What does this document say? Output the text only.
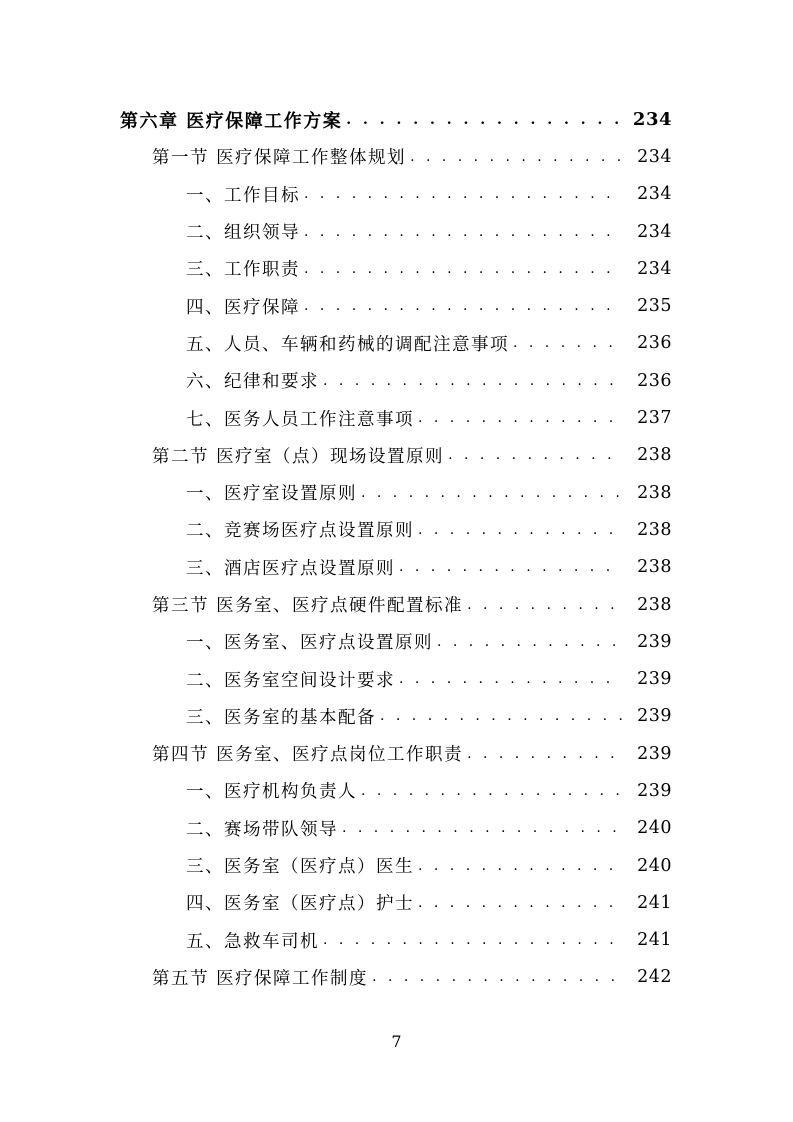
第六章 医疗保障工作方案 . . .	234
第一节 医疗保障工作整体规划 . . .	234
一、工作目标 . . .	234
二、组织领导 . . .	234
三、工作职责 . . .	234
四、医疗保障 . . .	235
五、人员、车辆和药械的调配注意事项 . . .	236
六、纪律和要求 . . .	236
七、医务人员工作注意事项 . . .	237
第二节 医疗室（点）现场设置原则 . . .	238
一、医疗室设置原则 . . .	238
二、竞赛场医疗点设置原则 . . .	238
三、酒店医疗点设置原则 . . .	238
第三节 医务室、医疗点硬件配置标准 . . .	238
一、医务室、医疗点设置原则 . . .	239
二、医务室空间设计要求 . . .	239
三、医务室的基本配备 . . .	239
第四节 医务室、医疗点岗位工作职责 . . .	239
一、医疗机构负责人 . . .	239
二、赛场带队领导 . . .	240
三、医务室（医疗点）医生 . . .	240
四、医务室（医疗点）护士 . . .	241
五、急救车司机 . . .	241
第五节 医疗保障工作制度 . . .	242
7
